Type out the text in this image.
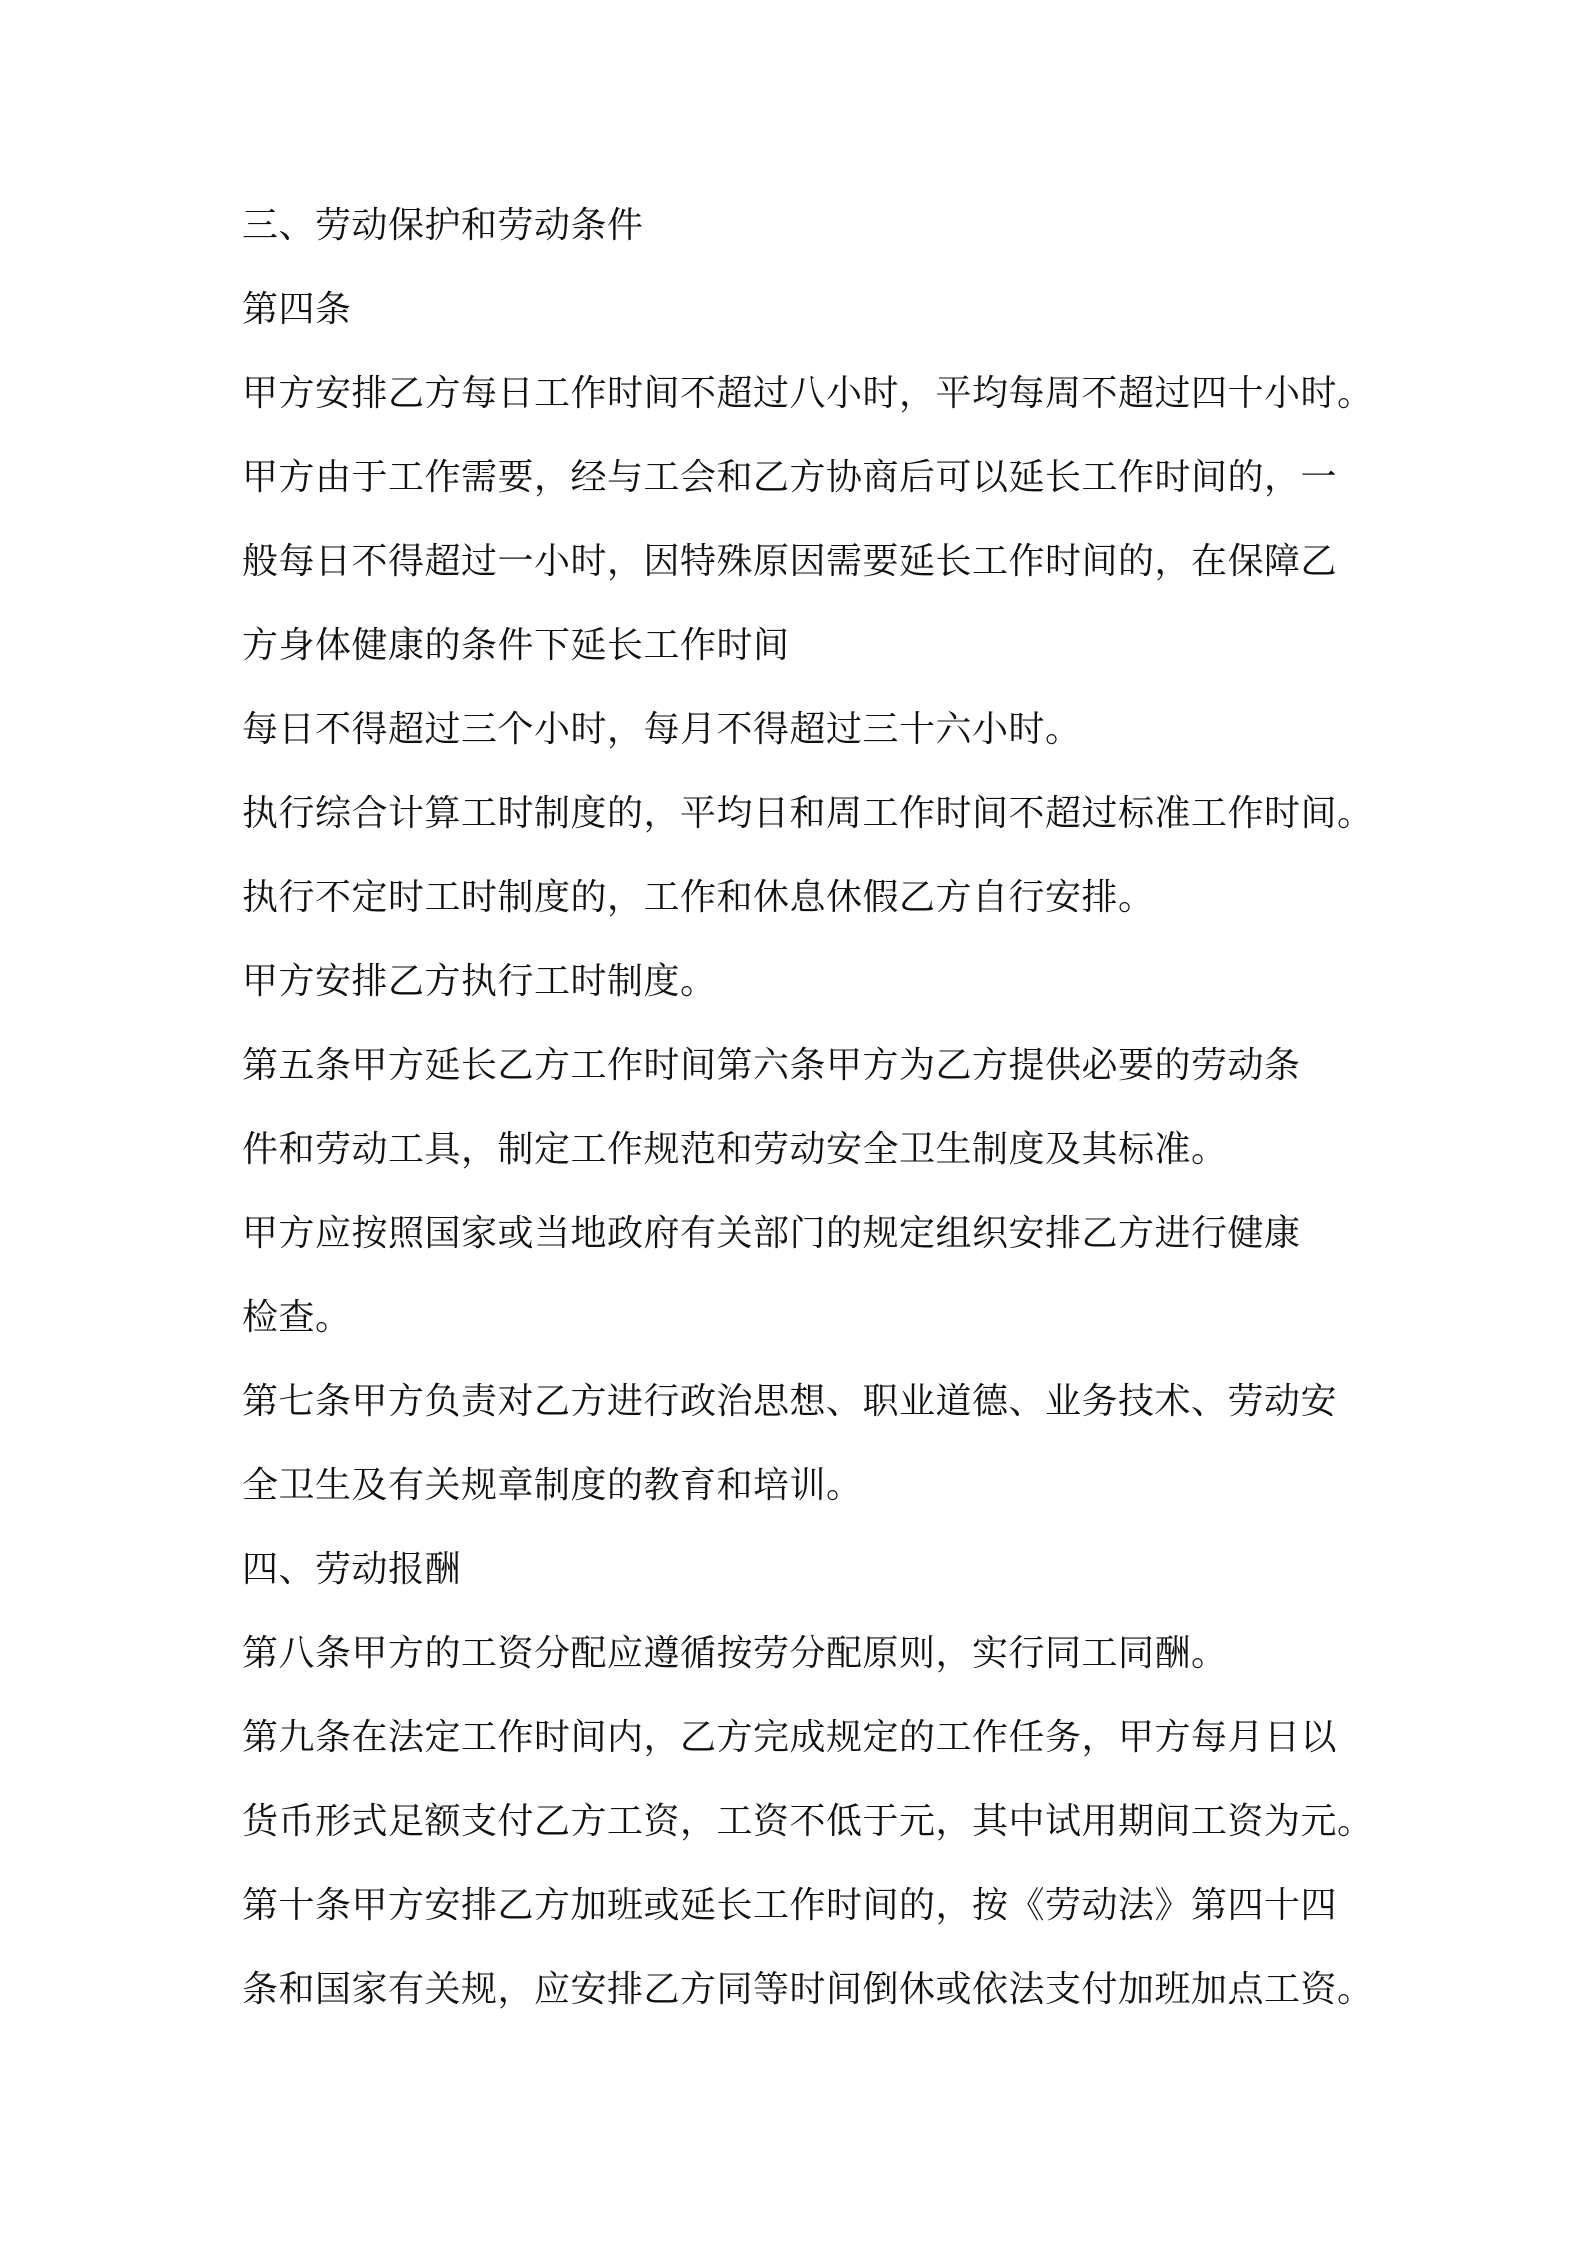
三、劳动保护和劳动条件
第四条
甲方安排乙方每日工作时间不超过八小时，平均每周不超过四十小时。
甲方由于工作需要，经与工会和乙方协商后可以延长工作时间的，一
般每日不得超过一小时，因特殊原因需要延长工作时间的，在保障乙
方身体健康的条件下延长工作时间
每日不得超过三个小时，每月不得超过三十六小时。
执行综合计算工时制度的，平均日和周工作时间不超过标准工作时间。
执行不定时工时制度的，工作和休息休假乙方自行安排。
甲方安排乙方执行工时制度。
第五条甲方延长乙方工作时间第六条甲方为乙方提供必要的劳动条
件和劳动工具，制定工作规范和劳动安全卫生制度及其标准。
甲方应按照国家或当地政府有关部门的规定组织安排乙方进行健康
检查。
第七条甲方负责对乙方进行政治思想、职业道德、业务技术、劳动安
全卫生及有关规章制度的教育和培训。
四、劳动报酬
第八条甲方的工资分配应遵循按劳分配原则，实行同工同酬。
第九条在法定工作时间内，乙方完成规定的工作任务，甲方每月日以
货币形式足额支付乙方工资，工资不低于元，其中试用期间工资为元。
第十条甲方安排乙方加班或延长工作时间的，按《劳动法》第四十四
条和国家有关规，应安排乙方同等时间倒休或依法支付加班加点工资。
